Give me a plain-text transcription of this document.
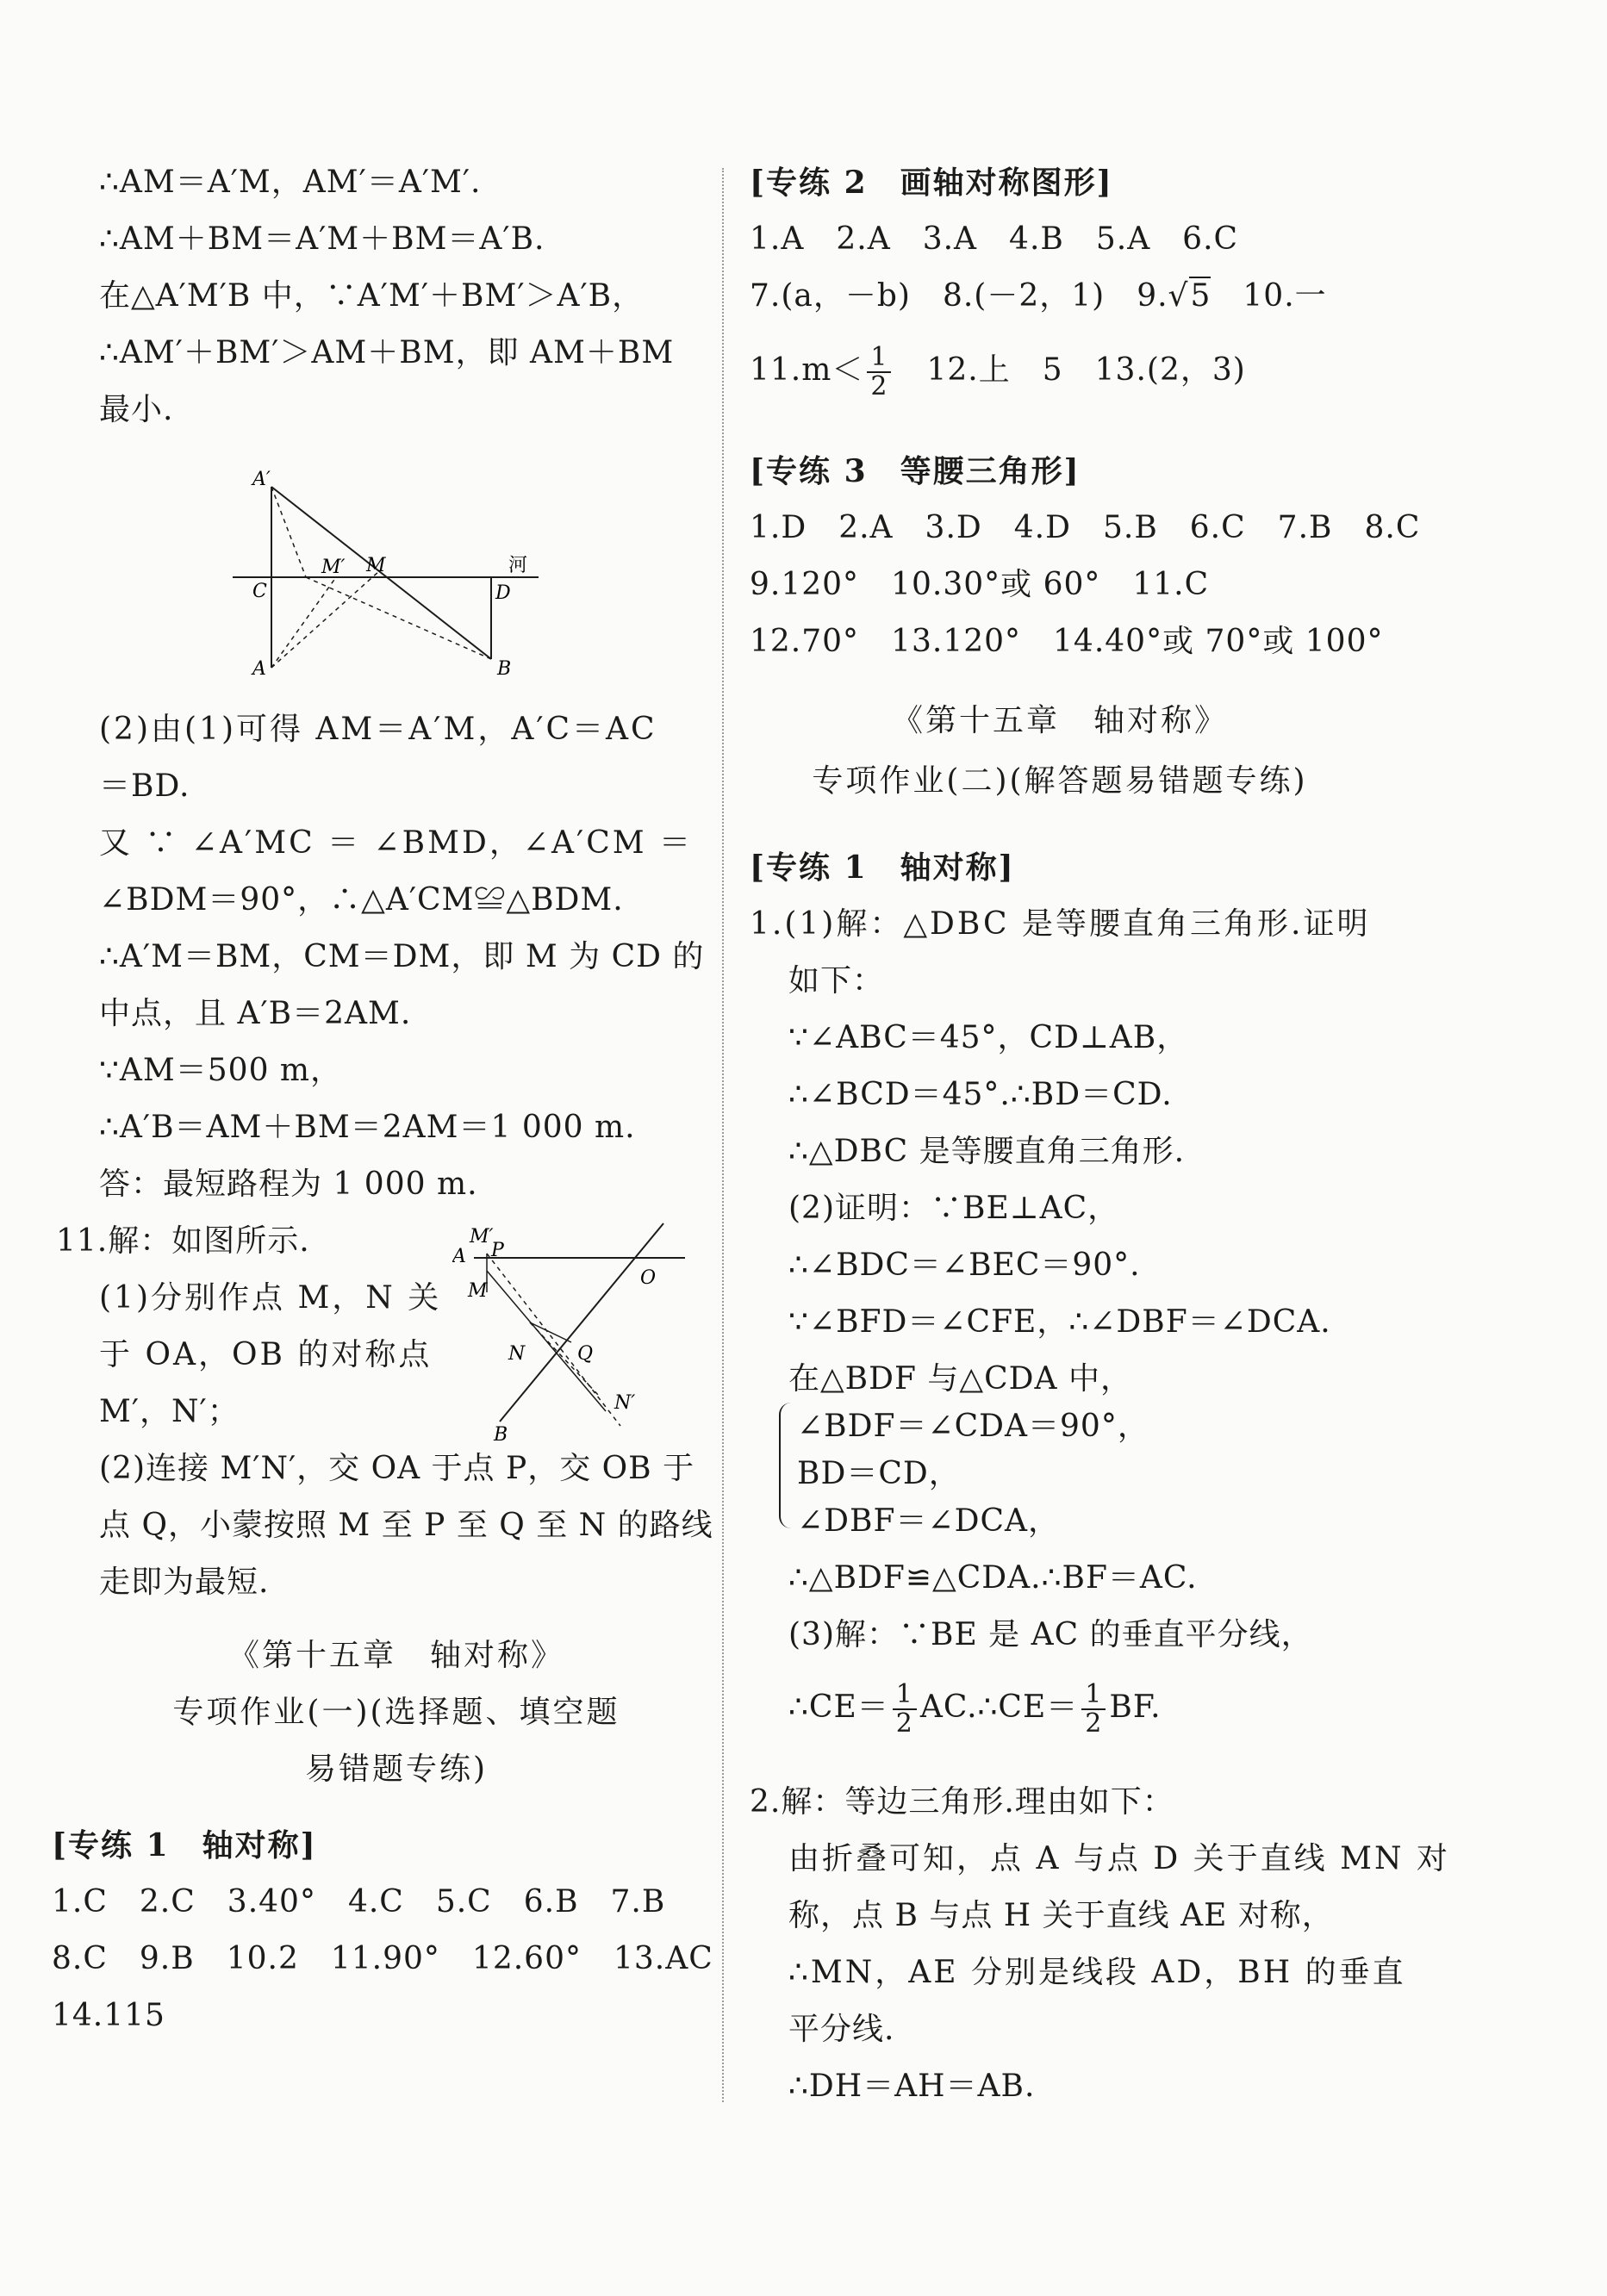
∴AM＝A′M，AM′＝A′M′.
∴AM＋BM＝A′M＋BM＝A′B.
在△A′M′B 中，∵A′M′＋BM′＞A′B，
∴AM′＋BM′＞AM＋BM，即 AM＋BM
最小.
A′
C
M′ M	河
D
A	B
(2)由(1)可得 AM＝A′M，A′C＝AC
＝BD.
又 ∵ ∠A′MC ＝ ∠BMD，∠A′CM ＝
∠BDM＝90°，∴△A′CM≌△BDM.
∴A′M＝BM，CM＝DM，即 M 为 CD 的
中点，且 A′B＝2AM.
∵AM＝500 m，
∴A′B＝AM＋BM＝2AM＝1 000 m.
答：最短路程为 1 000 m.
11.解：如图所示.
(1)分别作点 M，N 关
于 OA，OB 的对称点
M′，N′；
(2)连接 M′N′，交 OA 于点 P，交 OB 于
点 Q，小蒙按照 M 至 P 至 Q 至 N 的路线
走即为最短.
M′
P
A
M
O
N	Q
N′
B
《第十五章　轴对称》
专项作业(一)(选择题、填空题
易错题专练)
[专练 1　轴对称]
1.C　2.C　3.40°　4.C　5.C　6.B　7.B
8.C　9.B　10.2　11.90°　12.60°　13.AC
14.115
[专练 2　画轴对称图形]
1.A　2.A　3.A　4.B　5.A　6.C
7.(a，－b)　8.(－2，1)　9.√5　10.一
$11.m< \frac{1}{2}$ 　12.上　5　13.(2，3)
[专练 3　等腰三角形]
1.D　2.A　3.D　4.D　5.B　6.C　7.B　8.C
9.120°　10.30°或 60°　11.C
12.70°　13.120°　14.40°或 70°或 100°
《第十五章　轴对称》
专项作业(二)(解答题易错题专练)
[专练 1　轴对称]
1.(1)解：△DBC 是等腰直角三角形.证明
如下：
∵∠ABC＝45°，CD⊥AB，
∴∠BCD＝45°.∴BD＝CD.
∴△DBC 是等腰直角三角形.
(2)证明：∵BE⊥AC，
∴∠BDC＝∠BEC＝90°.
∵∠BFD＝∠CFE，∴∠DBF＝∠DCA.
在△BDF 与△CDA 中，
∠BDF＝∠CDA＝90°，
BD＝CD，
∠DBF＝∠DCA，
∴△BDF≌△CDA.∴BF＝AC.
(3)解：∵BE 是 AC 的垂直平分线，
∴CE＝ $\frac{1}{2}$ AC.∴CE＝ $\frac{1}{2}$ BF.
2.解：等边三角形.理由如下：
由折叠可知，点 A 与点 D 关于直线 MN 对
称，点 B 与点 H 关于直线 AE 对称，
∴MN，AE 分别是线段 AD，BH 的垂直
平分线.
∴DH＝AH＝AB.
